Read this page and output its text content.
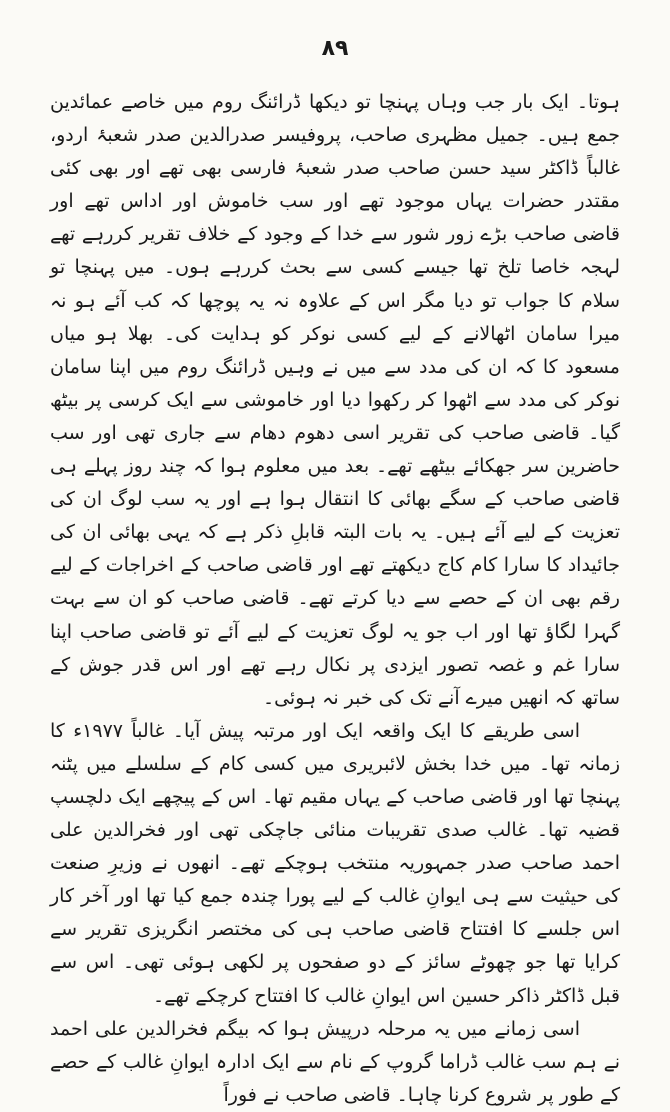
۸۹

ہوتا۔ ایک بار جب وہاں پہنچا تو دیکھا ڈرائنگ روم میں خاصے عمائدین جمع ہیں۔ جمیل مظہری صاحب، پروفیسر صدرالدین صدر شعبۂ اردو، غالباً ڈاکٹر سید حسن صاحب صدر شعبۂ فارسی بھی تھے اور بھی کئی مقتدر حضرات یہاں موجود تھے اور سب خاموش اور اداس تھے اور قاضی صاحب بڑے زور شور سے خدا کے وجود کے خلاف تقریر کررہے تھے لہجہ خاصا تلخ تھا جیسے کسی سے بحث کررہے ہوں۔ میں پہنچا تو سلام کا جواب تو دیا مگر اس کے علاوہ نہ یہ پوچھا کہ کب آئے ہو نہ میرا سامان اٹھالانے کے لیے کسی نوکر کو ہدایت کی۔ بھلا ہو میاں مسعود کا کہ ان کی مدد سے میں نے وہیں ڈرائنگ روم میں اپنا سامان نوکر کی مدد سے اٹھوا کر رکھوا دیا اور خاموشی سے ایک کرسی پر بیٹھ گیا۔ قاضی صاحب کی تقریر اسی دھوم دھام سے جاری تھی اور سب حاضرین سر جھکائے بیٹھے تھے۔ بعد میں معلوم ہوا کہ چند روز پہلے ہی قاضی صاحب کے سگے بھائی کا انتقال ہوا ہے اور یہ سب لوگ ان کی تعزیت کے لیے آئے ہیں۔ یہ بات البتہ قابلِ ذکر ہے کہ یہی بھائی ان کی جائیداد کا سارا کام کاج دیکھتے تھے اور قاضی صاحب کے اخراجات کے لیے رقم بھی ان کے حصے سے دیا کرتے تھے۔ قاضی صاحب کو ان سے بہت گہرا لگاؤ تھا اور اب جو یہ لوگ تعزیت کے لیے آئے تو قاضی صاحب اپنا سارا غم و غصہ تصور ایزدی پر نکال رہے تھے اور اس قدر جوش کے ساتھ کہ انھیں میرے آنے تک کی خبر نہ ہوئی۔

اسی طریقے کا ایک واقعہ ایک اور مرتبہ پیش آیا۔ غالباً ۱۹۷۷ء کا زمانہ تھا۔ میں خدا بخش لائبریری میں کسی کام کے سلسلے میں پٹنہ پہنچا تھا اور قاضی صاحب کے یہاں مقیم تھا۔ اس کے پیچھے ایک دلچسپ قضیہ تھا۔ غالب صدی تقریبات منائی جاچکی تھی اور فخرالدین علی احمد صاحب صدر جمہوریہ منتخب ہوچکے تھے۔ انھوں نے وزیرِ صنعت کی حیثیت سے ہی ایوانِ غالب کے لیے پورا چندہ جمع کیا تھا اور آخر کار اس جلسے کا افتتاح قاضی صاحب ہی کی مختصر انگریزی تقریر سے کرایا تھا جو چھوٹے سائز کے دو صفحوں پر لکھی ہوئی تھی۔ اس سے قبل ڈاکٹر ذاکر حسین اس ایوانِ غالب کا افتتاح کرچکے تھے۔

اسی زمانے میں یہ مرحلہ درپیش ہوا کہ بیگم فخرالدین علی احمد نے ہم سب غالب ڈراما گروپ کے نام سے ایک ادارہ ایوانِ غالب کے حصے کے طور پر شروع کرنا چاہا۔ قاضی صاحب نے فوراً
